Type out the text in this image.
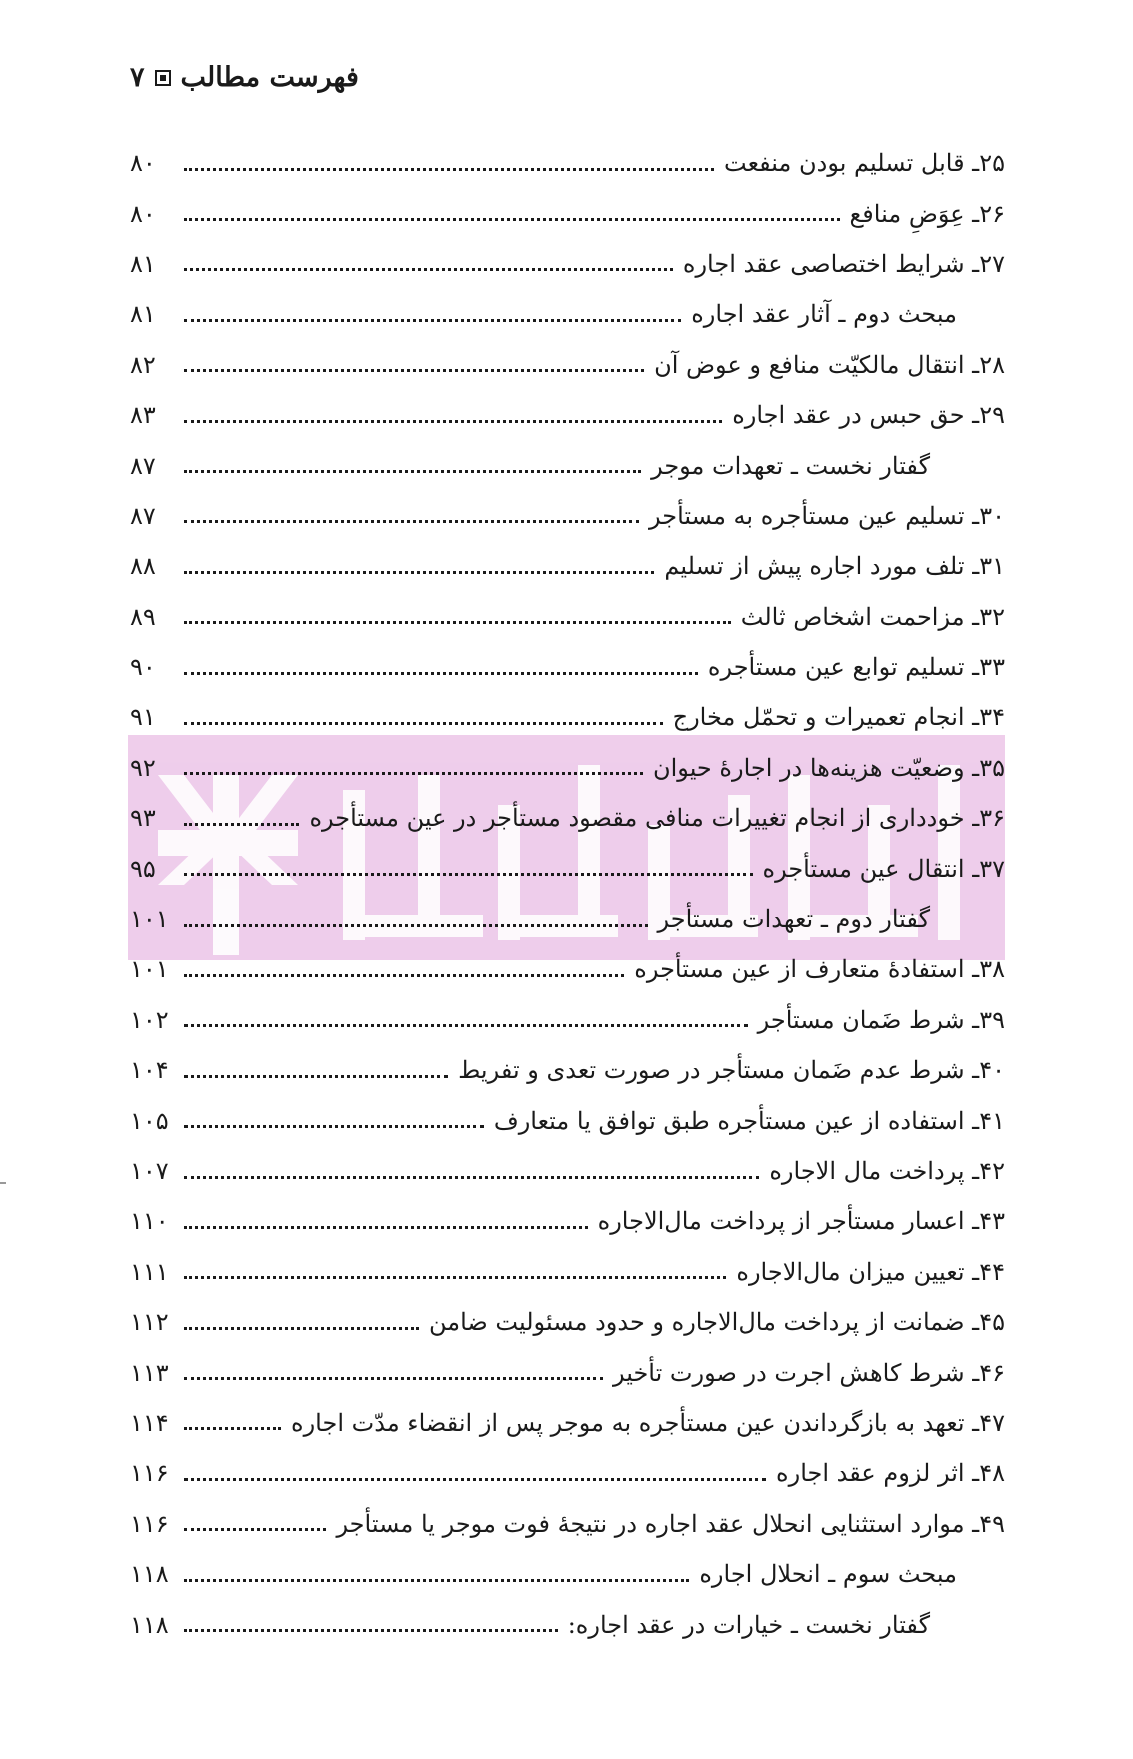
فهرست مطالب
۷
۲۵ـ قابل تسلیم بودن منفعت
۸۰
۲۶ـ عِوَضِ منافع
۸۰
۲۷ـ شرایط اختصاصی عقد اجاره
۸۱
مبحث دوم ـ آثار عقد اجاره
۸۱
۲۸ـ انتقال مالکیّت منافع و عوض آن
۸۲
۲۹ـ حق حبس در عقد اجاره
۸۳
گفتار نخست ـ تعهدات موجر
۸۷
۳۰ـ تسلیم عین مستأجره به مستأجر
۸۷
۳۱ـ تلف مورد اجاره پیش از تسلیم
۸۸
۳۲ـ مزاحمت اشخاص ثالث
۸۹
۳۳ـ تسلیم توابع عین مستأجره
۹۰
۳۴ـ انجام تعمیرات و تحمّل مخارج
۹۱
۳۵ـ وضعیّت هزینه‌ها در اجارهٔ حیوان
۹۲
۳۶ـ خودداری از انجام تغییرات منافی مقصود مستأجر در عین مستأجره
۹۳
۳۷ـ انتقال عین مستأجره
۹۵
گفتار دوم ـ تعهدات مستأجر
۱۰۱
۳۸ـ استفادهٔ متعارف از عین مستأجره
۱۰۱
۳۹ـ شرط ضَمان مستأجر
۱۰۲
۴۰ـ شرط عدم ضَمان مستأجر در صورت تعدی و تفریط
۱۰۴
۴۱ـ استفاده از عین مستأجره طبق توافق یا متعارف
۱۰۵
۴۲ـ پرداخت مال الاجاره
۱۰۷
۴۳ـ اعسار مستأجر از پرداخت مال‌الاجاره
۱۱۰
۴۴ـ تعیین میزان مال‌الاجاره
۱۱۱
۴۵ـ ضمانت از پرداخت مال‌الاجاره و حدود مسئولیت ضامن
۱۱۲
۴۶ـ شرط کاهش اجرت در صورت تأخیر
۱۱۳
۴۷ـ تعهد به بازگرداندن عین مستأجره به موجر پس از انقضاء مدّت اجاره
۱۱۴
۴۸ـ اثر لزوم عقد اجاره
۱۱۶
۴۹ـ موارد استثنایی انحلال عقد اجاره در نتیجهٔ فوت موجر یا مستأجر
۱۱۶
مبحث سوم ـ انحلال اجاره
۱۱۸
گفتار نخست ـ خیارات در عقد اجاره:
۱۱۸
